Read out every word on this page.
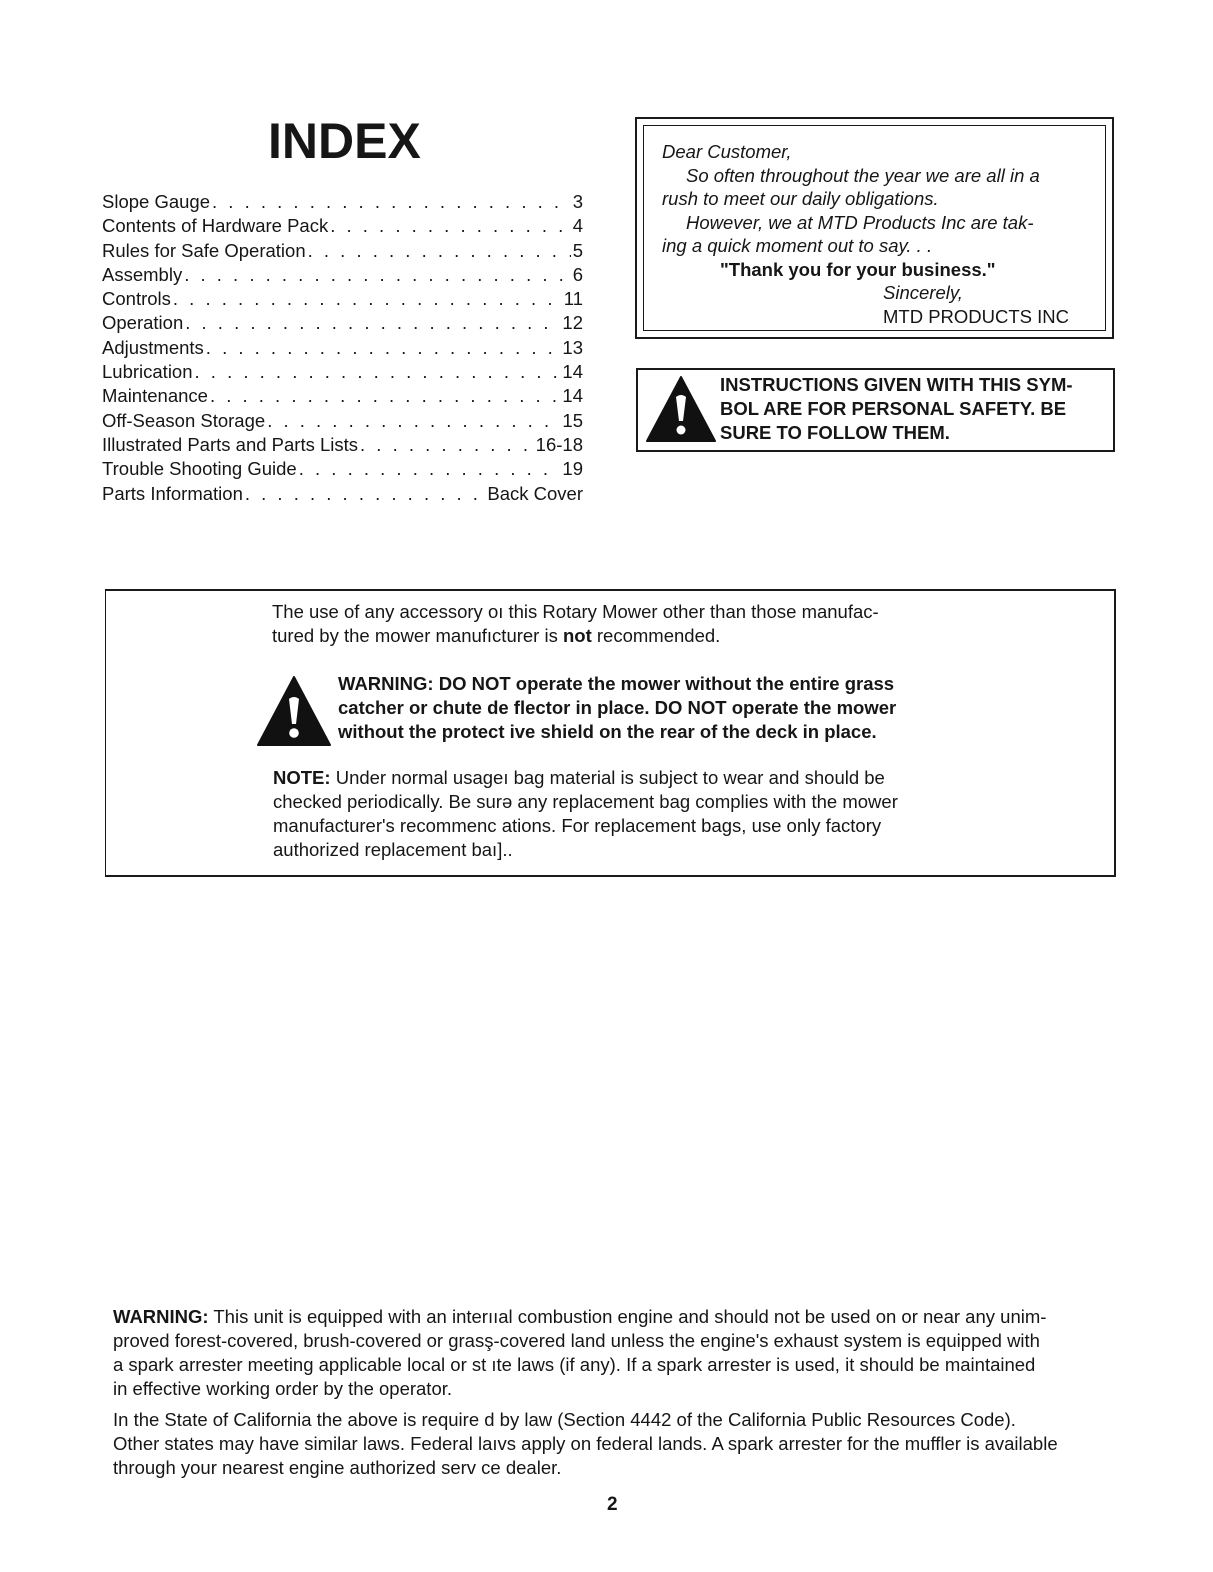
INDEX
Slope Gauge . . .	3
Contents of Hardware Pack . . .	4
Rules for Safe Operation . . .	5
Assembly . . .	6
Controls . . .	11
Operation . . .	12
Adjustments . . .	13
Lubrication . . .	14
Maintenance . . .	14
Off-Season Storage . . .	15
Illustrated Parts and Parts Lists . . .	16-18
Trouble Shooting Guide . . .	19
Parts Information . . .	Back Cover
Dear Customer,
So often throughout the year we are all in a
rush to meet our daily obligations.
However, we at MTD Products Inc are tak-
ing a quick moment out to say. . .
"Thank you for your business."
Sincerely,
MTD PRODUCTS INC
INSTRUCTIONS GIVEN WITH THIS SYM-
BOL ARE FOR PERSONAL SAFETY. BE
SURE TO FOLLOW THEM.
The use of any accessory oı this Rotary Mower other than those manufac-
tured by the mower manufıcturer is not recommended.
WARNING: DO NOТ operate the mower without the entire grass
catcher or chute de flector in place. DO NOT operate the mower
without the protect ive shield on the rear of the deck in place.
NOTE: Under normal usagеı bag material is subject to wear and should be
checked periodically. Be surə any replacement bag complies with the mower
manufacturer's recommenc ations. For replacement bags, use only factory
authorized replacement baı]..
WARNING: This unit is equipped with an interııal combustion engine and should not be used on or near any unim-
proved forest-covered, brush-covered or grasş-covered land unless the engine's exhaust system is equipped with
a spark arrester meeting applicable local or st ıte laws (if any). If a spark arrester is used, it should be maintained
in effective working order by the operator.
In the State of California the above is requirе d by law (Section 4442 of the California Public Resources Code).
Other states may have similar laws. Federal laıvs apply on federal lands. A spark arrester for the muffler is available
through your nearest engine authorized serv ce dealer.
2
